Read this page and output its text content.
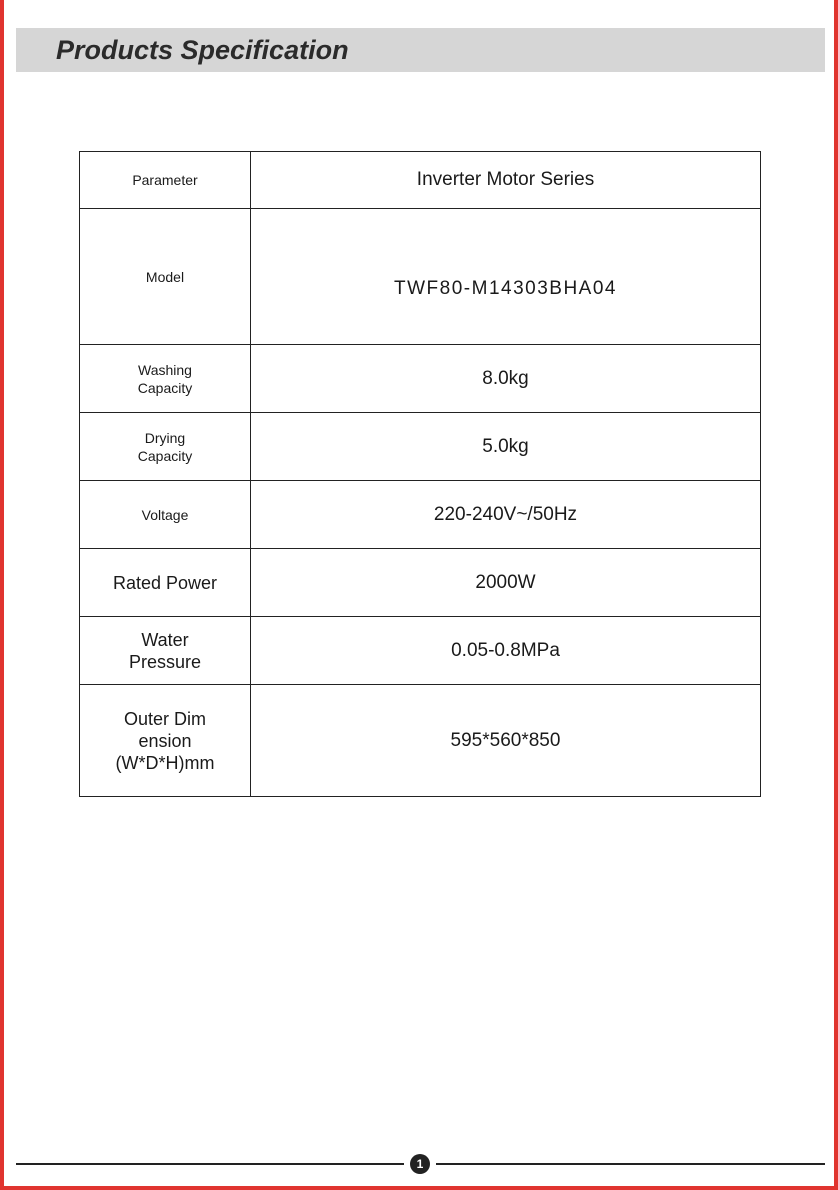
Products Specification
Parameter	Inverter Motor Series

Model	TWF80-M14303BHA04

Washing
Capacity	8.0kg

Drying
Capacity	5.0kg

Voltage	220-240V~/50Hz

Rated Power	2000W

Water
Pressure	0.05-0.8MPa

Outer Dim
ension
(W*D*H)mm	595*560*850
1
